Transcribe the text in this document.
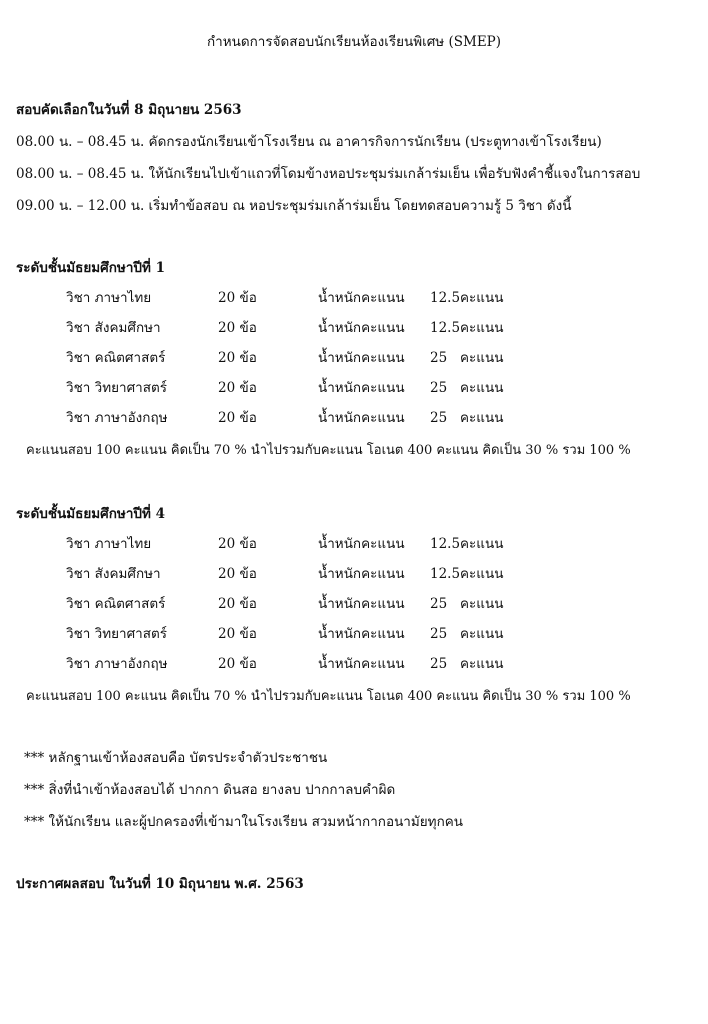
กำหนดการจัดสอบนักเรียนห้องเรียนพิเศษ (SMEP)
สอบคัดเลือกในวันที่ 8 มิถุนายน 2563
08.00 น. – 08.45 น. คัดกรองนักเรียนเข้าโรงเรียน ณ อาคารกิจการนักเรียน (ประตูทางเข้าโรงเรียน)
08.00 น. – 08.45 น. ให้นักเรียนไปเข้าแถวที่โดมข้างหอประชุมร่มเกล้าร่มเย็น เพื่อรับฟังคำชี้แจงในการสอบ
09.00 น. – 12.00 น. เริ่มทำข้อสอบ ณ หอประชุมร่มเกล้าร่มเย็น โดยทดสอบความรู้ 5 วิชา ดังนี้
ระดับชั้นมัธยมศึกษาปีที่ 1
วิชา ภาษาไทย	20 ข้อ	น้ำหนักคะแนน 12.5 คะแนน
วิชา สังคมศึกษา	20 ข้อ	น้ำหนักคะแนน 12.5 คะแนน
วิชา คณิตศาสตร์	20 ข้อ	น้ำหนักคะแนน 25 คะแนน
วิชา วิทยาศาสตร์	20 ข้อ	น้ำหนักคะแนน 25 คะแนน
วิชา ภาษาอังกฤษ	20 ข้อ	น้ำหนักคะแนน 25 คะแนน
คะแนนสอบ 100 คะแนน คิดเป็น 70 % นำไปรวมกับคะแนน โอเนต 400 คะแนน คิดเป็น 30 % รวม 100 %
ระดับชั้นมัธยมศึกษาปีที่ 4
วิชา ภาษาไทย	20 ข้อ	น้ำหนักคะแนน 12.5 คะแนน
วิชา สังคมศึกษา	20 ข้อ	น้ำหนักคะแนน 12.5 คะแนน
วิชา คณิตศาสตร์	20 ข้อ	น้ำหนักคะแนน 25 คะแนน
วิชา วิทยาศาสตร์	20 ข้อ	น้ำหนักคะแนน 25 คะแนน
วิชา ภาษาอังกฤษ	20 ข้อ	น้ำหนักคะแนน 25 คะแนน
คะแนนสอบ 100 คะแนน คิดเป็น 70 % นำไปรวมกับคะแนน โอเนต 400 คะแนน คิดเป็น 30 % รวม 100 %
*** หลักฐานเข้าห้องสอบคือ บัตรประจำตัวประชาชน
*** สิ่งที่นำเข้าห้องสอบได้ ปากกา ดินสอ ยางลบ ปากกาลบคำผิด
*** ให้นักเรียน และผู้ปกครองที่เข้ามาในโรงเรียน สวมหน้ากากอนามัยทุกคน
ประกาศผลสอบ ในวันที่ 10 มิถุนายน พ.ศ. 2563
